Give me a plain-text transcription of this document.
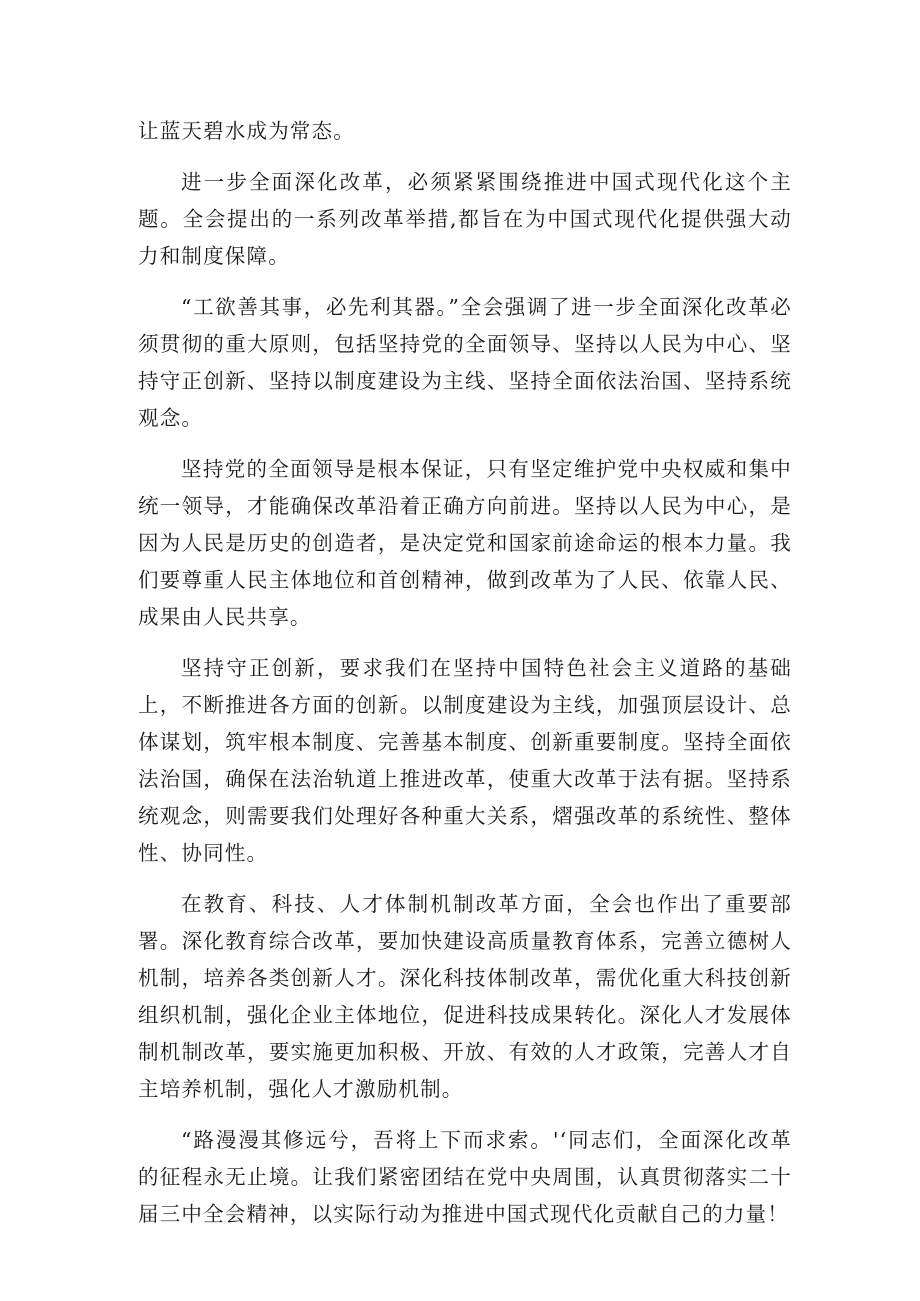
让蓝天碧水成为常态。

进一步全面深化改革，必须紧紧围绕推进中国式现代化这个主题。全会提出的一系列改革举措,都旨在为中国式现代化提供强大动力和制度保障。

“工欲善其事，必先利其器。”全会强调了进一步全面深化改革必须贯彻的重大原则，包括坚持党的全面领导、坚持以人民为中心、坚持守正创新、坚持以制度建设为主线、坚持全面依法治国、坚持系统观念。

坚持党的全面领导是根本保证，只有坚定维护党中央权威和集中统一领导，才能确保改革沿着正确方向前进。坚持以人民为中心，是因为人民是历史的创造者，是决定党和国家前途命运的根本力量。我们要尊重人民主体地位和首创精神，做到改革为了人民、依靠人民、成果由人民共享。

坚持守正创新，要求我们在坚持中国特色社会主义道路的基础上，不断推进各方面的创新。以制度建设为主线，加强顶层设计、总体谋划，筑牢根本制度、完善基本制度、创新重要制度。坚持全面依法治国，确保在法治轨道上推进改革，使重大改革于法有据。坚持系统观念，则需要我们处理好各种重大关系，熠强改革的系统性、整体性、协同性。

在教育、科技、人才体制机制改革方面，全会也作出了重要部署。深化教育综合改革，要加快建设高质量教育体系，完善立德树人机制，培养各类创新人才。深化科技体制改革，需优化重大科技创新组织机制，强化企业主体地位，促进科技成果转化。深化人才发展体制机制改革，要实施更加积极、开放、有效的人才政策，完善人才自主培养机制，强化人才激励机制。

“路漫漫其修远兮，吾将上下而求索。'‘同志们，全面深化改革的征程永无止境。让我们紧密团结在党中央周围，认真贯彻落实二十届三中全会精神，以实际行动为推进中国式现代化贡献自己的力量！
